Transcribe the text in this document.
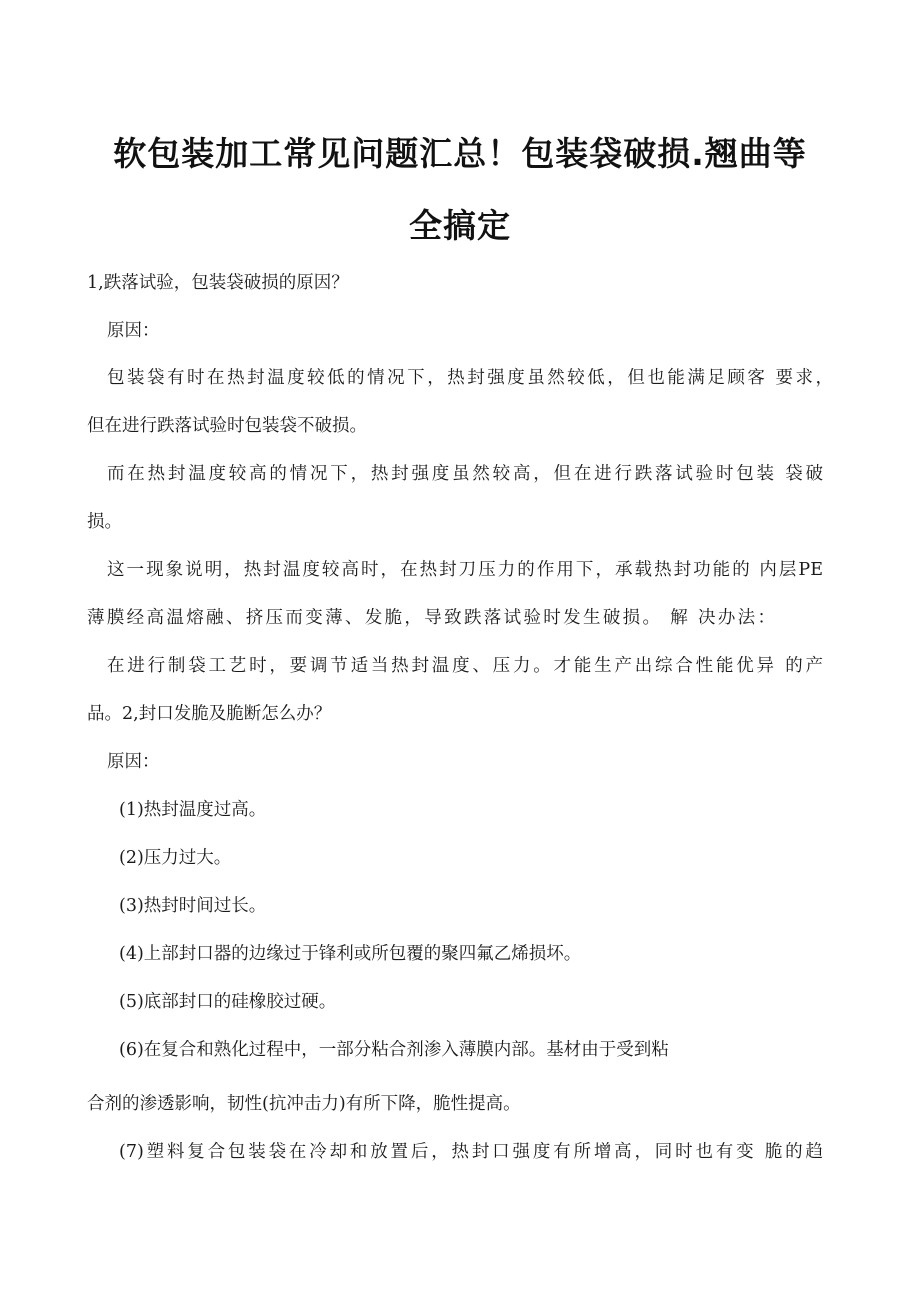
软包装加工常见问题汇总！包装袋破损.翘曲等
全搞定

1,跌落试验，包装袋破损的原因？

原因：

包装袋有时在热封温度较低的情况下，热封强度虽然较低，但也能满足顾客 要求，

但在进行跌落试验时包装袋不破损。

而在热封温度较高的情况下，热封强度虽然较高，但在进行跌落试验时包装 袋破

损。

这一现象说明，热封温度较高时，在热封刀压力的作用下，承载热封功能的 内层PE

薄膜经高温熔融、挤压而变薄、发脆，导致跌落试验时发生破损。 解 决办法：

在进行制袋工艺时，要调节适当热封温度、压力。才能生产出综合性能优异 的产

品。2,封口发脆及脆断怎么办？

原因：

(1)热封温度过高。

(2)压力过大。

(3)热封时间过长。

(4)上部封口器的边缘过于锋利或所包覆的聚四氟乙烯损坏。

(5)底部封口的硅橡胶过硬。

(6)在复合和熟化过程中，一部分粘合剂渗入薄膜内部。基材由于受到粘

合剂的渗透影响，韧性(抗冲击力)有所下降，脆性提高。

(7)塑料复合包装袋在冷却和放置后，热封口强度有所增高，同时也有变 脆的趋
